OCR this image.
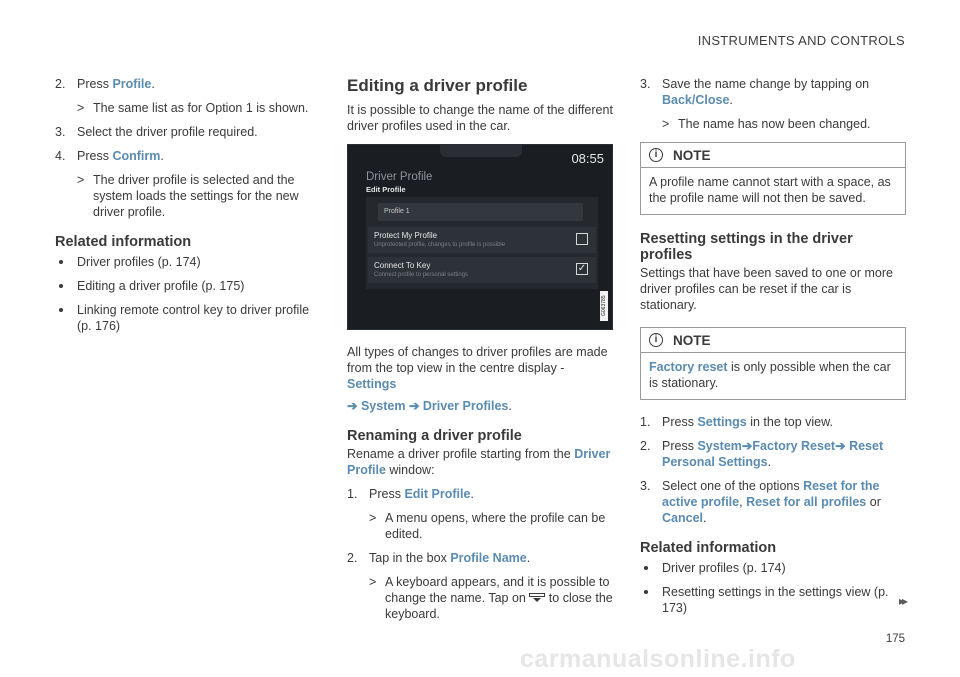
INSTRUMENTS AND CONTROLS
2. Press Profile.
> The same list as for Option 1 is shown.
3. Select the driver profile required.
4. Press Confirm.
> The driver profile is selected and the system loads the settings for the new driver profile.
Related information
Driver profiles (p. 174)
Editing a driver profile (p. 175)
Linking remote control key to driver profile (p. 176)
Editing a driver profile

It is possible to change the name of the different driver profiles used in the car.

08:55
Driver Profile
Edit Profile
Profile 1
Protect My Profile
Unprotected profile, changes to profile is possible
Connect To Key
Connect profile to personal settings
✓
G063785

All types of changes to driver profiles are made from the top view in the centre display - Settings

➔ System ➔ Driver Profiles.

Renaming a driver profile

Rename a driver profile starting from the Driver Profile window:

1. Press Edit Profile.
> A menu opens, where the profile can be edited.
2. Tap in the box Profile Name.
> A keyboard appears, and it is possible to change the name. Tap on  to close the keyboard.
3. Save the name change by tapping on Back/Close.
> The name has now been changed.
i	NOTE
A profile name cannot start with a space, as the profile name will not then be saved.
Resetting settings in the driver profiles

Settings that have been saved to one or more driver profiles can be reset if the car is stationary.

i	NOTE
Factory reset is only possible when the car is stationary.
1. Press Settings in the top view.
2. Press System➔Factory Reset➔ Reset Personal Settings.
3. Select one of the options Reset for the active profile, Reset for all profiles or Cancel.
Related information
Driver profiles (p. 174)
Resetting settings in the settings view (p. 173)	▸▸
175
carmanualsonline.info
